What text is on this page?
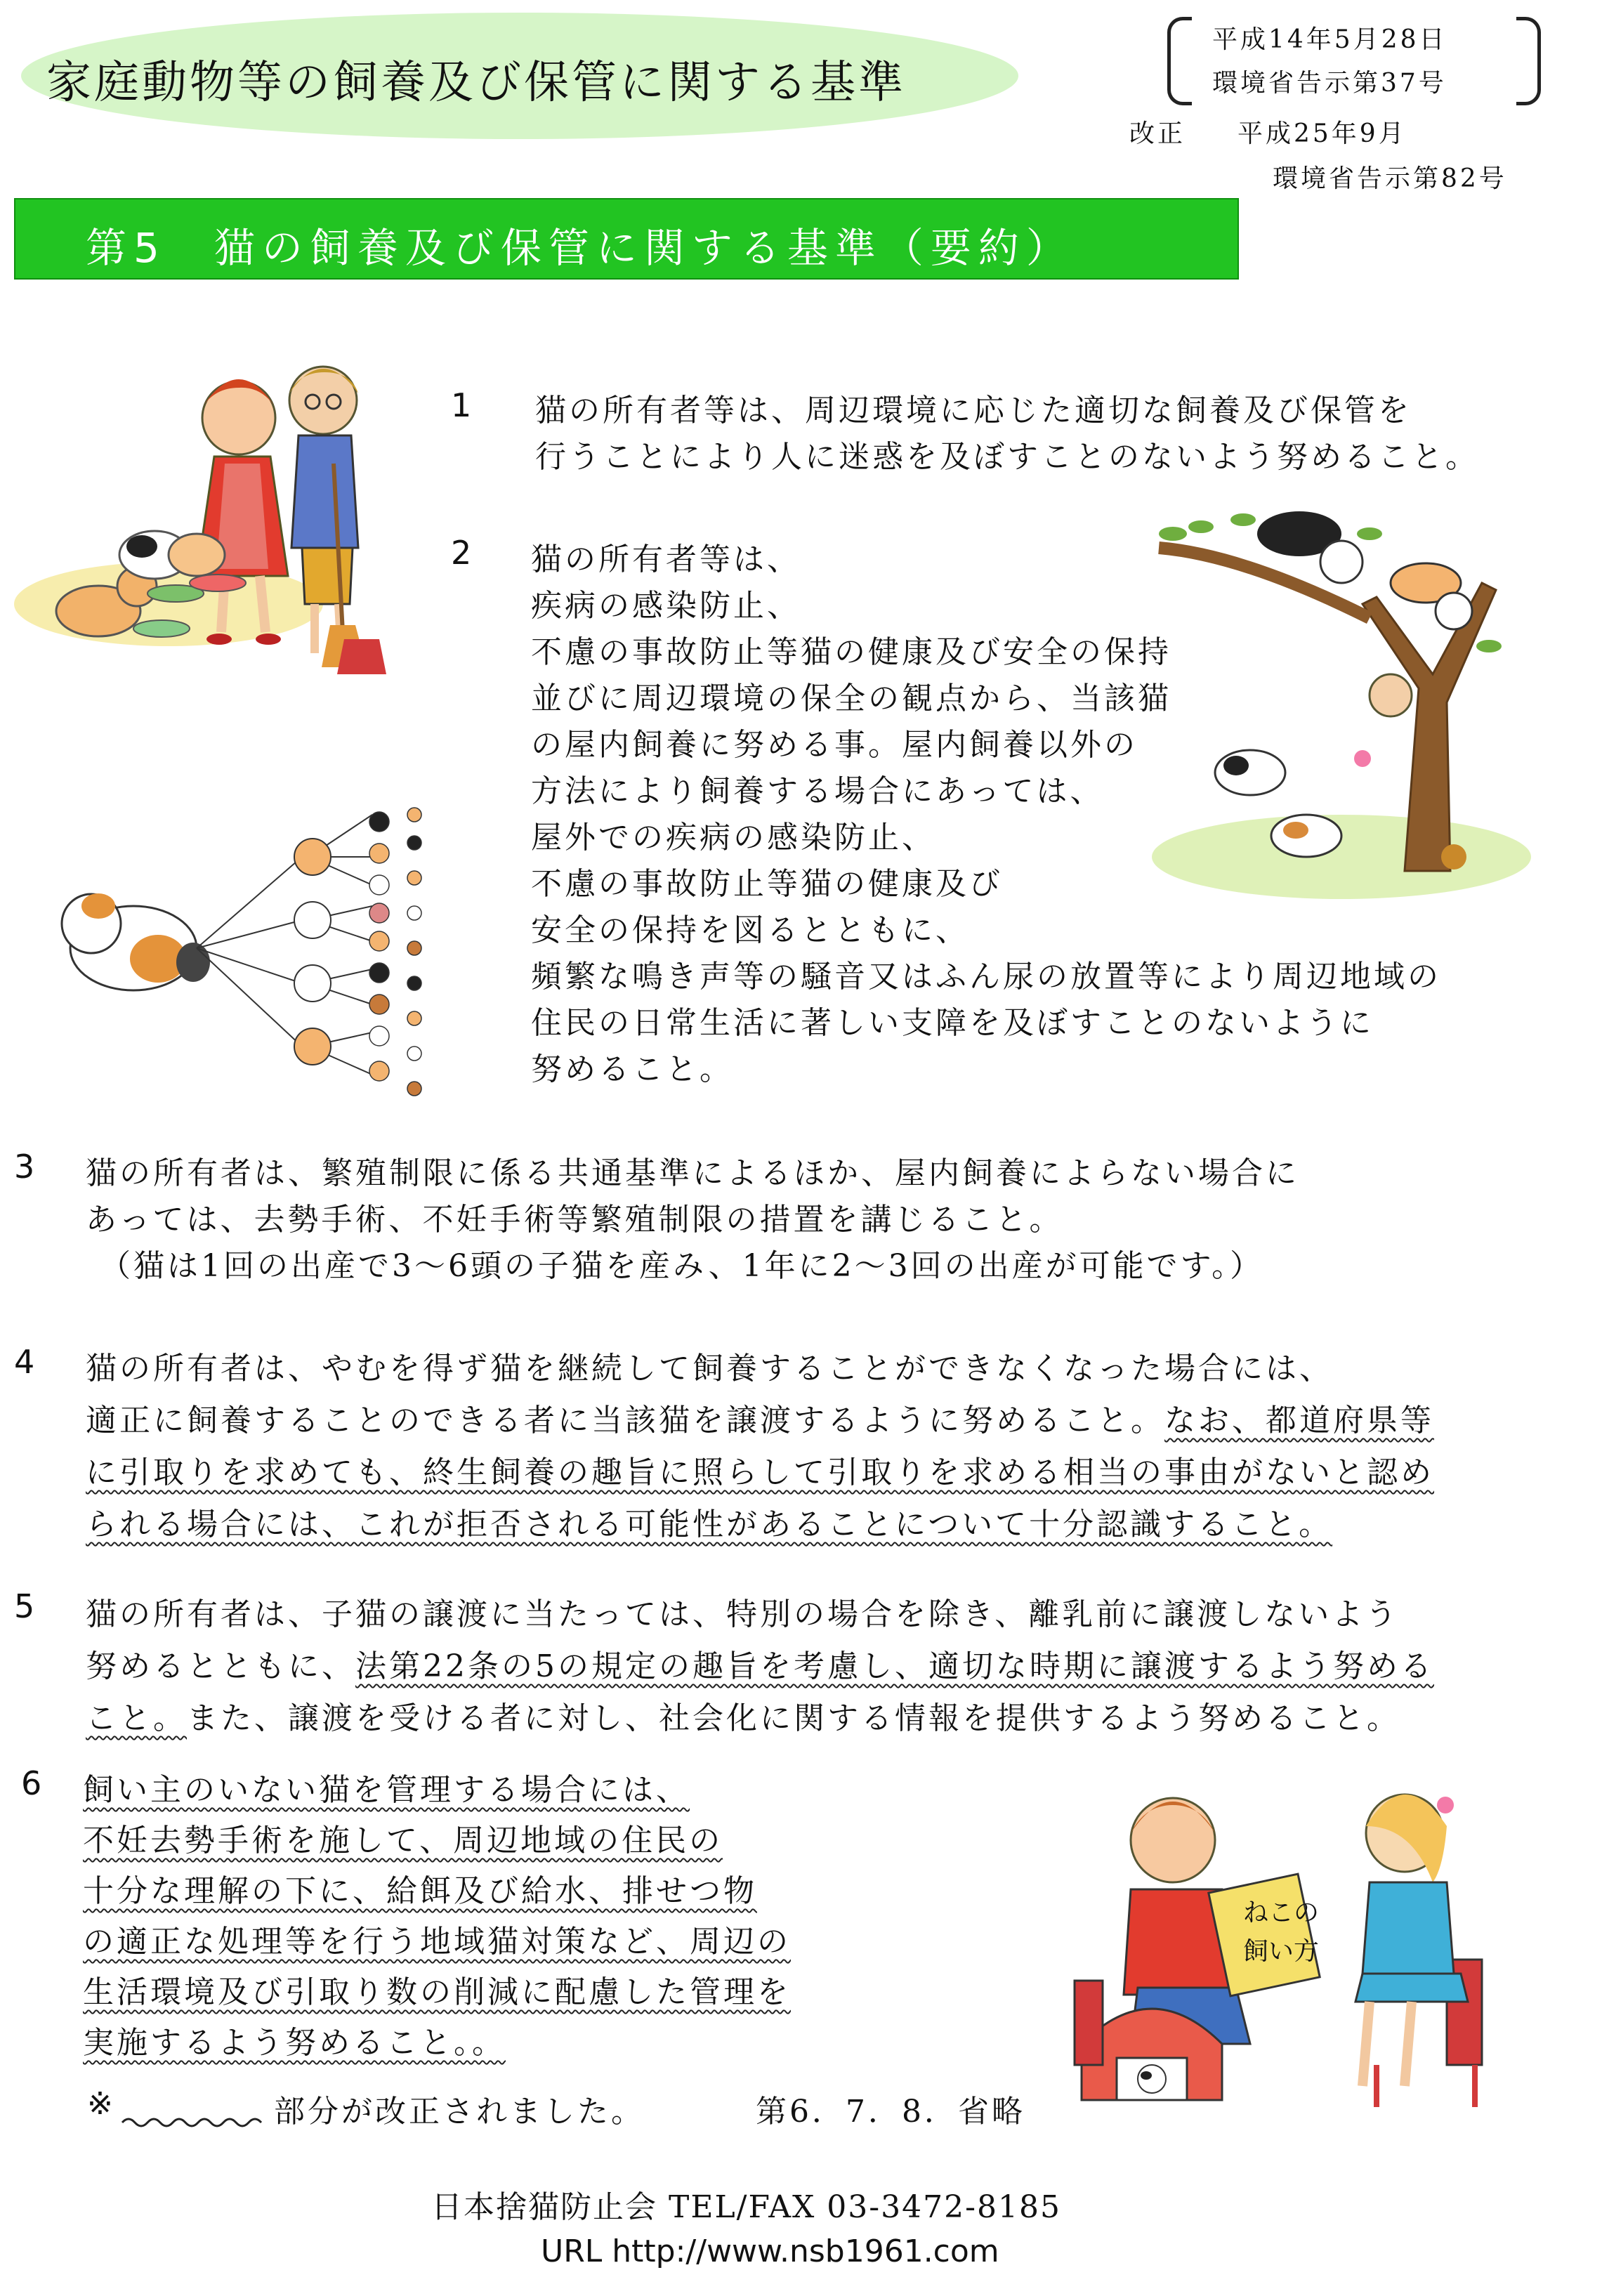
家庭動物等の飼養及び保管に関する基準
平成14年5月28日
環境省告示第37号
改正 平成25年9月
環境省告示第82号
第5　猫の飼養及び保管に関する基準（要約）
1 猫の所有者等は、周辺環境に応じた適切な飼養及び保管を
行うことにより人に迷惑を及ぼすことのないよう努めること。
2 猫の所有者等は、
疾病の感染防止、
不慮の事故防止等猫の健康及び安全の保持
並びに周辺環境の保全の観点から、当該猫
の屋内飼養に努める事。屋内飼養以外の
方法により飼養する場合にあっては、
屋外での疾病の感染防止、
不慮の事故防止等猫の健康及び
安全の保持を図るとともに、
頻繁な鳴き声等の騒音又はふん尿の放置等により周辺地域の
住民の日常生活に著しい支障を及ぼすことのないように
努めること。
3 猫の所有者は、繁殖制限に係る共通基準によるほか、屋内飼養によらない場合に
あっては、去勢手術、不妊手術等繁殖制限の措置を講じること。
（猫は1回の出産で3～6頭の子猫を産み、1年に2～3回の出産が可能です。）
4 猫の所有者は、やむを得ず猫を継続して飼養することができなくなった場合には、
適正に飼養することのできる者に当該猫を譲渡するように努めること。なお、都道府県等
に引取りを求めても、終生飼養の趣旨に照らして引取りを求める相当の事由がないと認め
られる場合には、これが拒否される可能性があることについて十分認識すること。
5 猫の所有者は、子猫の譲渡に当たっては、特別の場合を除き、離乳前に譲渡しないよう
努めるとともに、法第22条の5の規定の趣旨を考慮し、適切な時期に譲渡するよう努める
こと。また、譲渡を受ける者に対し、社会化に関する情報を提供するよう努めること。
6 飼い主のいない猫を管理する場合には、
不妊去勢手術を施して、周辺地域の住民の
十分な理解の下に、給餌及び給水、排せつ物
の適正な処理等を行う地域猫対策など、周辺の
生活環境及び引取り数の削減に配慮した管理を
実施するよう努めること。。
※	部分が改正されました。	第6．7．8．省略
日本捨猫防止会 TEL/FAX 03-3472-8185
URL http://www.nsb1961.com
ねこの
飼い方
